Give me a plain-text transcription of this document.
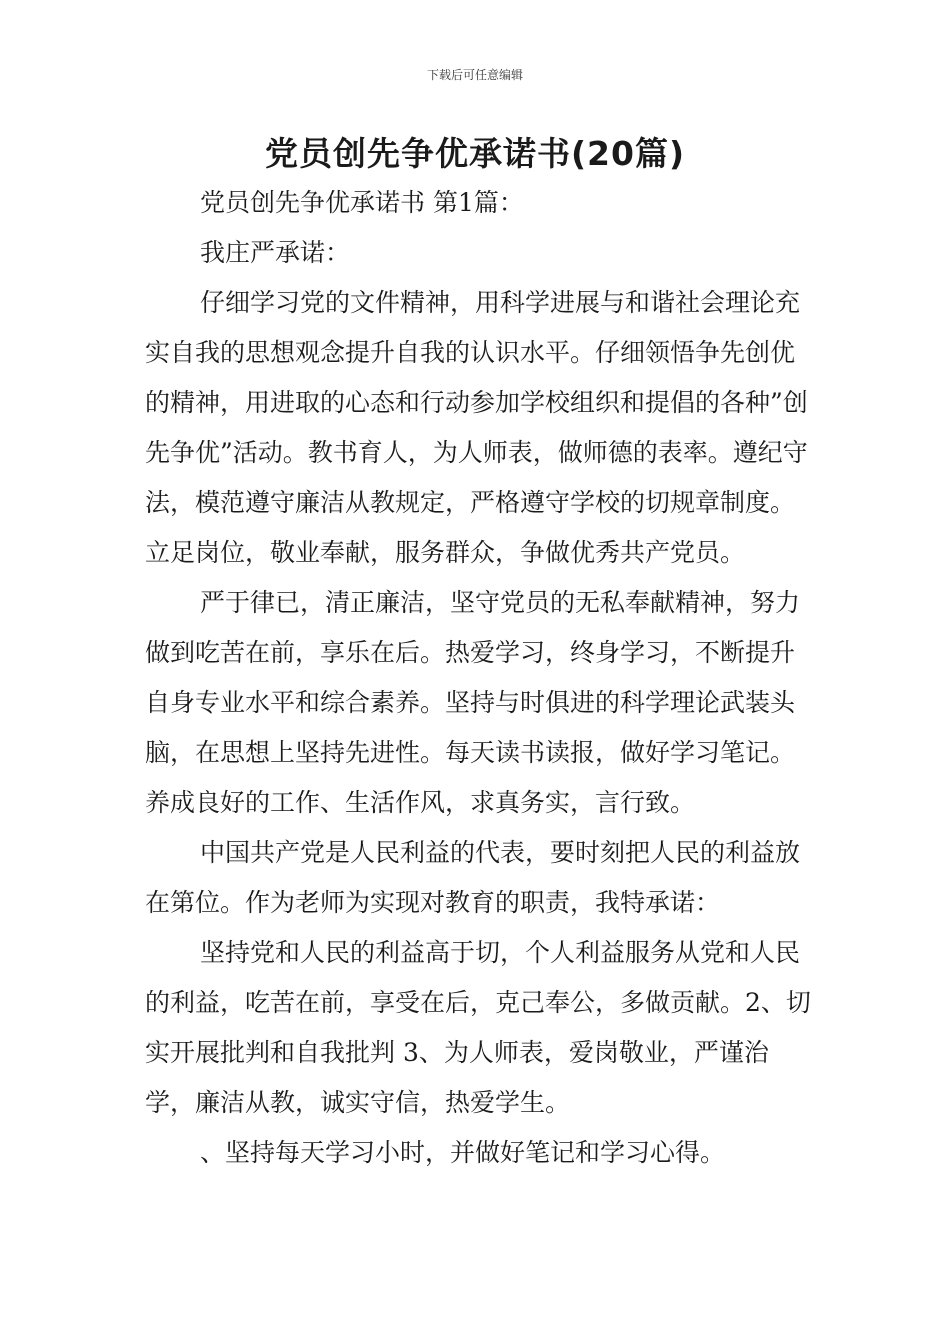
下载后可任意编辑
党员创先争优承诺书(20篇)

党员创先争优承诺书 第1篇：

我庄严承诺：

仔细学习党的文件精神，用科学进展与和谐社会理论充实自我的思想观念提升自我的认识水平。仔细领悟争先创优的精神，用进取的心态和行动参加学校组织和提倡的各种”创先争优”活动。教书育人，为人师表，做师德的表率。遵纪守法，模范遵守廉洁从教规定，严格遵守学校的切规章制度。立足岗位，敬业奉献，服务群众，争做优秀共产党员。

严于律已，清正廉洁，坚守党员的无私奉献精神，努力做到吃苦在前，享乐在后。热爱学习，终身学习，不断提升自身专业水平和综合素养。坚持与时俱进的科学理论武装头脑，在思想上坚持先进性。每天读书读报，做好学习笔记。养成良好的工作、生活作风，求真务实，言行致。

中国共产党是人民利益的代表，要时刻把人民的利益放在第位。作为老师为实现对教育的职责，我特承诺：

坚持党和人民的利益高于切，个人利益服务从党和人民的利益，吃苦在前，享受在后，克己奉公，多做贡献。2、切实开展批判和自我批判 3、为人师表，爱岗敬业，严谨治学，廉洁从教，诚实守信，热爱学生。

、坚持每天学习小时，并做好笔记和学习心得。
